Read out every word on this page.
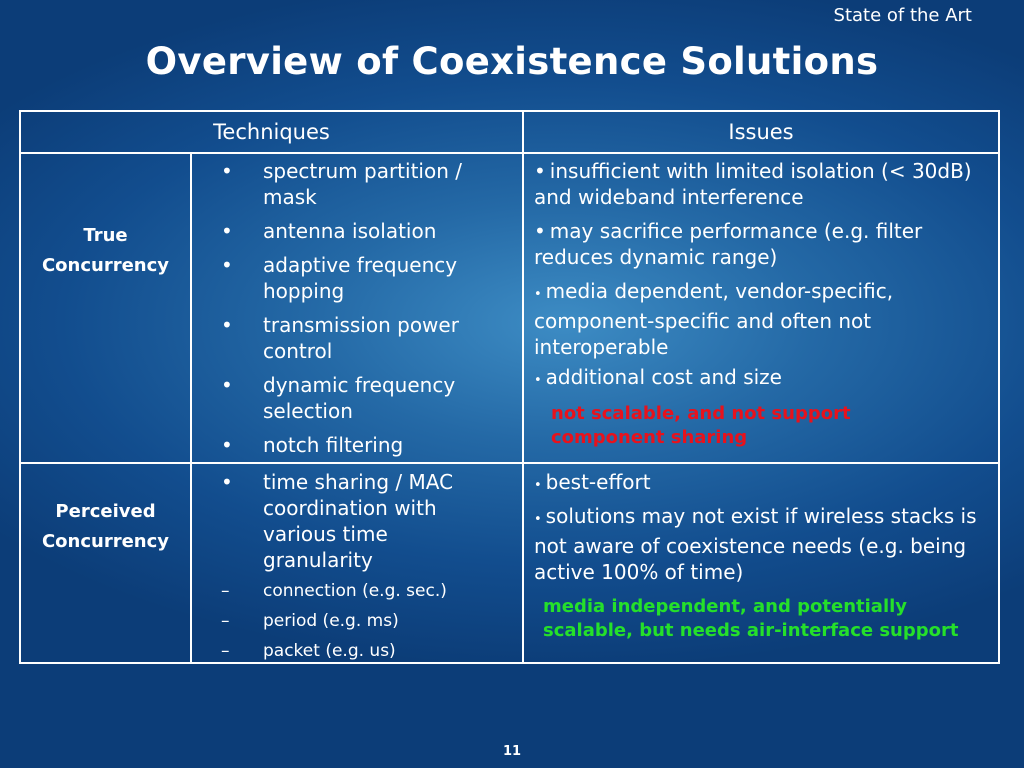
State of the Art
Overview of Coexistence Solutions
Techniques	Issues
True
Concurrency
• spectrum partition / mask
• antenna isolation
• adaptive frequency hopping
• transmission power control
• dynamic frequency selection
• notch filtering
• insufficient with limited isolation (< 30dB) and wideband interference
• may sacrifice performance (e.g. filter reduces dynamic range)
• media dependent, vendor-specific, component-specific and often not interoperable
• additional cost and size
not scalable, and not support component sharing
Perceived
Concurrency
• time sharing / MAC coordination with various time granularity
– connection (e.g. sec.)
– period (e.g. ms)
– packet (e.g. us)
• best-effort
• solutions may not exist if wireless stacks is not aware of coexistence needs (e.g. being active 100% of time)
media independent, and potentially scalable, but needs air-interface support
11
